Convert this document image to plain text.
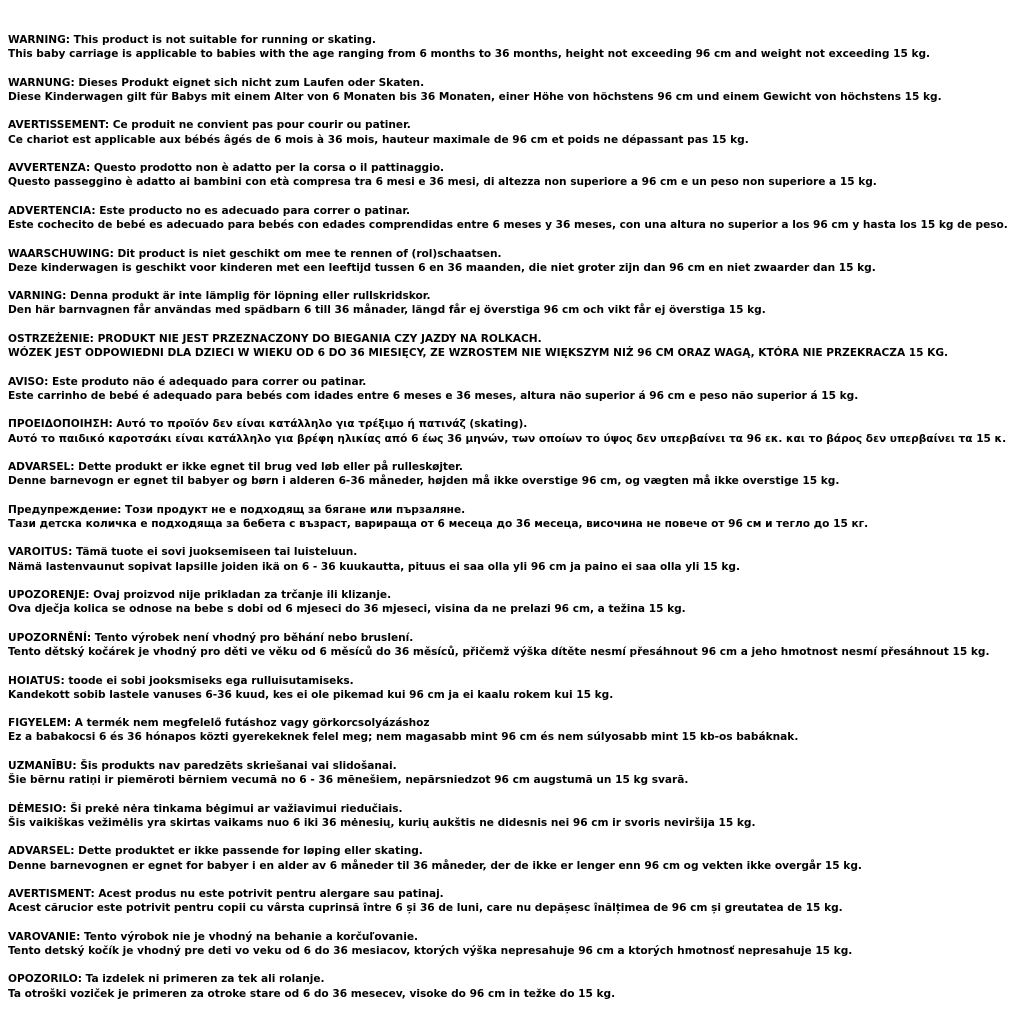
WARNING: This product is not suitable for running or skating.
This baby carriage is applicable to babies with the age ranging from 6 months to 36 months, height not exceeding 96 cm and weight not exceeding 15 kg.
WARNUNG: Dieses Produkt eignet sich nicht zum Laufen oder Skaten.
Diese Kinderwagen gilt für Babys mit einem Alter von 6 Monaten bis 36 Monaten, einer Höhe von höchstens 96 cm und einem Gewicht von höchstens 15 kg.
AVERTISSEMENT: Ce produit ne convient pas pour courir ou patiner.
Ce chariot est applicable aux bébés âgés de 6 mois à 36 mois, hauteur maximale de 96 cm et poids ne dépassant pas 15 kg.
AVVERTENZA: Questo prodotto non è adatto per la corsa o il pattinaggio.
Questo passeggino è adatto ai bambini con età compresa tra 6 mesi e 36 mesi, di altezza non superiore a 96 cm e un peso non superiore a 15 kg.
ADVERTENCIA: Este producto no es adecuado para correr o patinar.
Este cochecito de bebé es adecuado para bebés con edades comprendidas entre 6 meses y 36 meses, con una altura no superior a los 96 cm y hasta los 15 kg de peso.
WAARSCHUWING: Dit product is niet geschikt om mee te rennen of (rol)schaatsen.
Deze kinderwagen is geschikt voor kinderen met een leeftijd tussen 6 en 36 maanden, die niet groter zijn dan 96 cm en niet zwaarder dan 15 kg.
VARNING: Denna produkt är inte lämplig för löpning eller rullskridskor.
Den här barnvagnen får användas med spädbarn 6 till 36 månader, längd får ej överstiga 96 cm och vikt får ej överstiga 15 kg.
OSTRZEŻENIE: PRODUKT NIE JEST PRZEZNACZONY DO BIEGANIA CZY JAZDY NA ROLKACH.
WÓZEK JEST ODPOWIEDNI DLA DZIECI W WIEKU OD 6 DO 36 MIESIĘCY, ZE WZROSTEM NIE WIĘKSZYM NIŻ 96 CM ORAZ WAGĄ, KTÓRA NIE PRZEKRACZA 15 KG.
AVISO: Este produto não é adequado para correr ou patinar.
Este carrinho de bebé é adequado para bebés com idades entre 6 meses e 36 meses, altura não superior á 96 cm e peso não superior á 15 kg.
ΠΡΟΕΙΔΟΠΟΙΗΣΗ: Αυτό το προϊόν δεν είναι κατάλληλο για τρέξιμο ή πατινάζ (skating).
Αυτό το παιδικό καροτσάκι είναι κατάλληλο για βρέφη ηλικίας από 6 έως 36 μηνών, των οποίων το ύψος δεν υπερβαίνει τα 96 εκ. και το βάρος δεν υπερβαίνει τα 15 κ.
ADVARSEL: Dette produkt er ikke egnet til brug ved løb eller på rulleskøjter.
Denne barnevogn er egnet til babyer og børn i alderen 6-36 måneder, højden må ikke overstige 96 cm, og vægten må ikke overstige 15 kg.
Предупреждение: Този продукт не е подходящ за бягане или пързаляне.
Тази детска количка е подходяща за бебета с възраст, варираща от 6 месеца до 36 месеца, височина не повече от 96 см и тегло до 15 кг.
VAROITUS: Tämä tuote ei sovi juoksemiseen tai luisteluun.
Nämä lastenvaunut sopivat lapsille joiden ikä on 6 - 36 kuukautta, pituus ei saa olla yli 96 cm ja paino ei saa olla yli 15 kg.
UPOZORENJE: Ovaj proizvod nije prikladan za trčanje ili klizanje.
Ova dječja kolica se odnose na bebe s dobi od 6 mjeseci do 36 mjeseci, visina da ne prelazi 96 cm, a težina 15 kg.
UPOZORNĚNÍ: Tento výrobek není vhodný pro běhání nebo bruslení.
Tento dětský kočárek je vhodný pro děti ve věku od 6 měsíců do 36 měsíců, přičemž výška dítěte nesmí přesáhnout 96 cm a jeho hmotnost nesmí přesáhnout 15 kg.
HOIATUS: toode ei sobi jooksmiseks ega rulluisutamiseks.
Kandekott sobib lastele vanuses 6-36 kuud, kes ei ole pikemad kui 96 cm ja ei kaalu rokem kui 15 kg.
FIGYELEM: A termék nem megfelelő futáshoz vagy görkorcsolyázáshoz
Ez a babakocsi 6 és 36 hónapos közti gyerekeknek felel meg; nem magasabb mint 96 cm és nem súlyosabb mint 15 kb-os babáknak.
UZMANĪBU: Šis produkts nav paredzēts skriešanai vai slidošanai.
Šie bērnu ratiņi ir piemēroti bērniem vecumā no 6 - 36 mēnešiem, nepārsniedzot 96 cm augstumā un 15 kg svarā.
DĖMESIO: Ši prekė nėra tinkama bėgimui ar važiavimui riedučiais.
Šis vaikiškas vežimėlis yra skirtas vaikams nuo 6 iki 36 mėnesių, kurių aukštis ne didesnis nei 96 cm ir svoris neviršija 15 kg.
ADVARSEL: Dette produktet er ikke passende for løping eller skating.
Denne barnevognen er egnet for babyer i en alder av 6 måneder til 36 måneder, der de ikke er lenger enn 96 cm og vekten ikke overgår 15 kg.
AVERTISMENT: Acest produs nu este potrivit pentru alergare sau patinaj.
Acest cărucior este potrivit pentru copii cu vârsta cuprinsă între 6 și 36 de luni, care nu depășesc înălțimea de 96 cm și greutatea de 15 kg.
VAROVANIE: Tento výrobok nie je vhodný na behanie a korčuľovanie.
Tento detský kočík je vhodný pre deti vo veku od 6 do 36 mesiacov, ktorých výška nepresahuje 96 cm a ktorých hmotnosť nepresahuje 15 kg.
OPOZORILO: Ta izdelek ni primeren za tek ali rolanje.
Ta otroški voziček je primeren za otroke stare od 6 do 36 mesecev, visoke do 96 cm in težke do 15 kg.
